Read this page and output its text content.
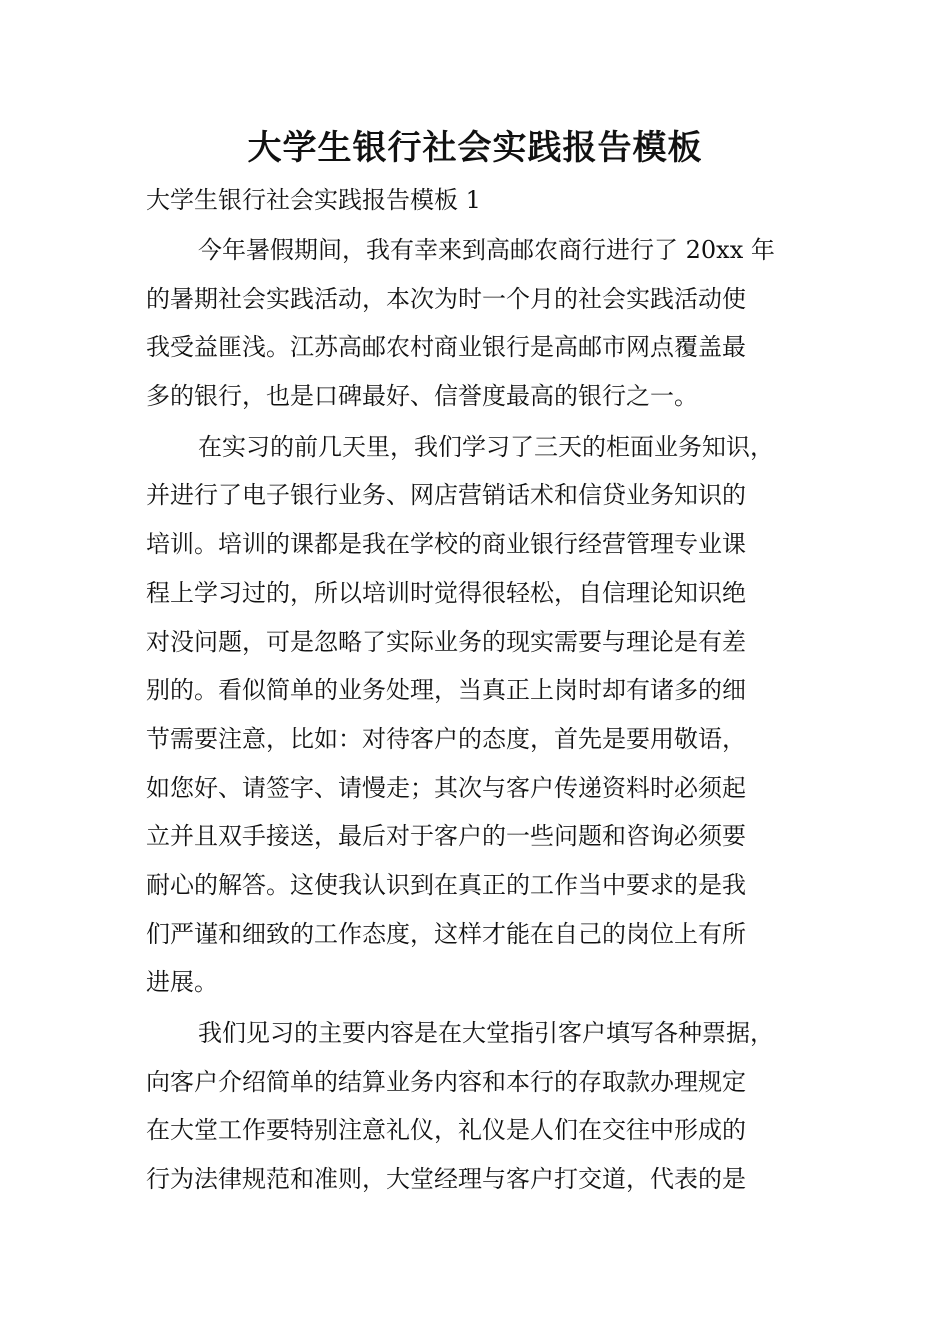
大学生银行社会实践报告模板

大学生银行社会实践报告模板 1

今年暑假期间，我有幸来到高邮农商行进行了 20xx 年
的暑期社会实践活动，本次为时一个月的社会实践活动使
我受益匪浅。江苏高邮农村商业银行是高邮市网点覆盖最
多的银行，也是口碑最好、信誉度最高的银行之一。
在实习的前几天里，我们学习了三天的柜面业务知识，
并进行了电子银行业务、网店营销话术和信贷业务知识的
培训。培训的课都是我在学校的商业银行经营管理专业课
程上学习过的，所以培训时觉得很轻松，自信理论知识绝
对没问题，可是忽略了实际业务的现实需要与理论是有差
别的。看似简单的业务处理，当真正上岗时却有诸多的细
节需要注意，比如：对待客户的态度，首先是要用敬语，
如您好、请签字、请慢走；其次与客户传递资料时必须起
立并且双手接送，最后对于客户的一些问题和咨询必须要
耐心的解答。这使我认识到在真正的工作当中要求的是我
们严谨和细致的工作态度，这样才能在自己的岗位上有所
进展。
我们见习的主要内容是在大堂指引客户填写各种票据，
向客户介绍简单的结算业务内容和本行的存取款办理规定
在大堂工作要特别注意礼仪，礼仪是人们在交往中形成的
行为法律规范和准则，大堂经理与客户打交道，代表的是
